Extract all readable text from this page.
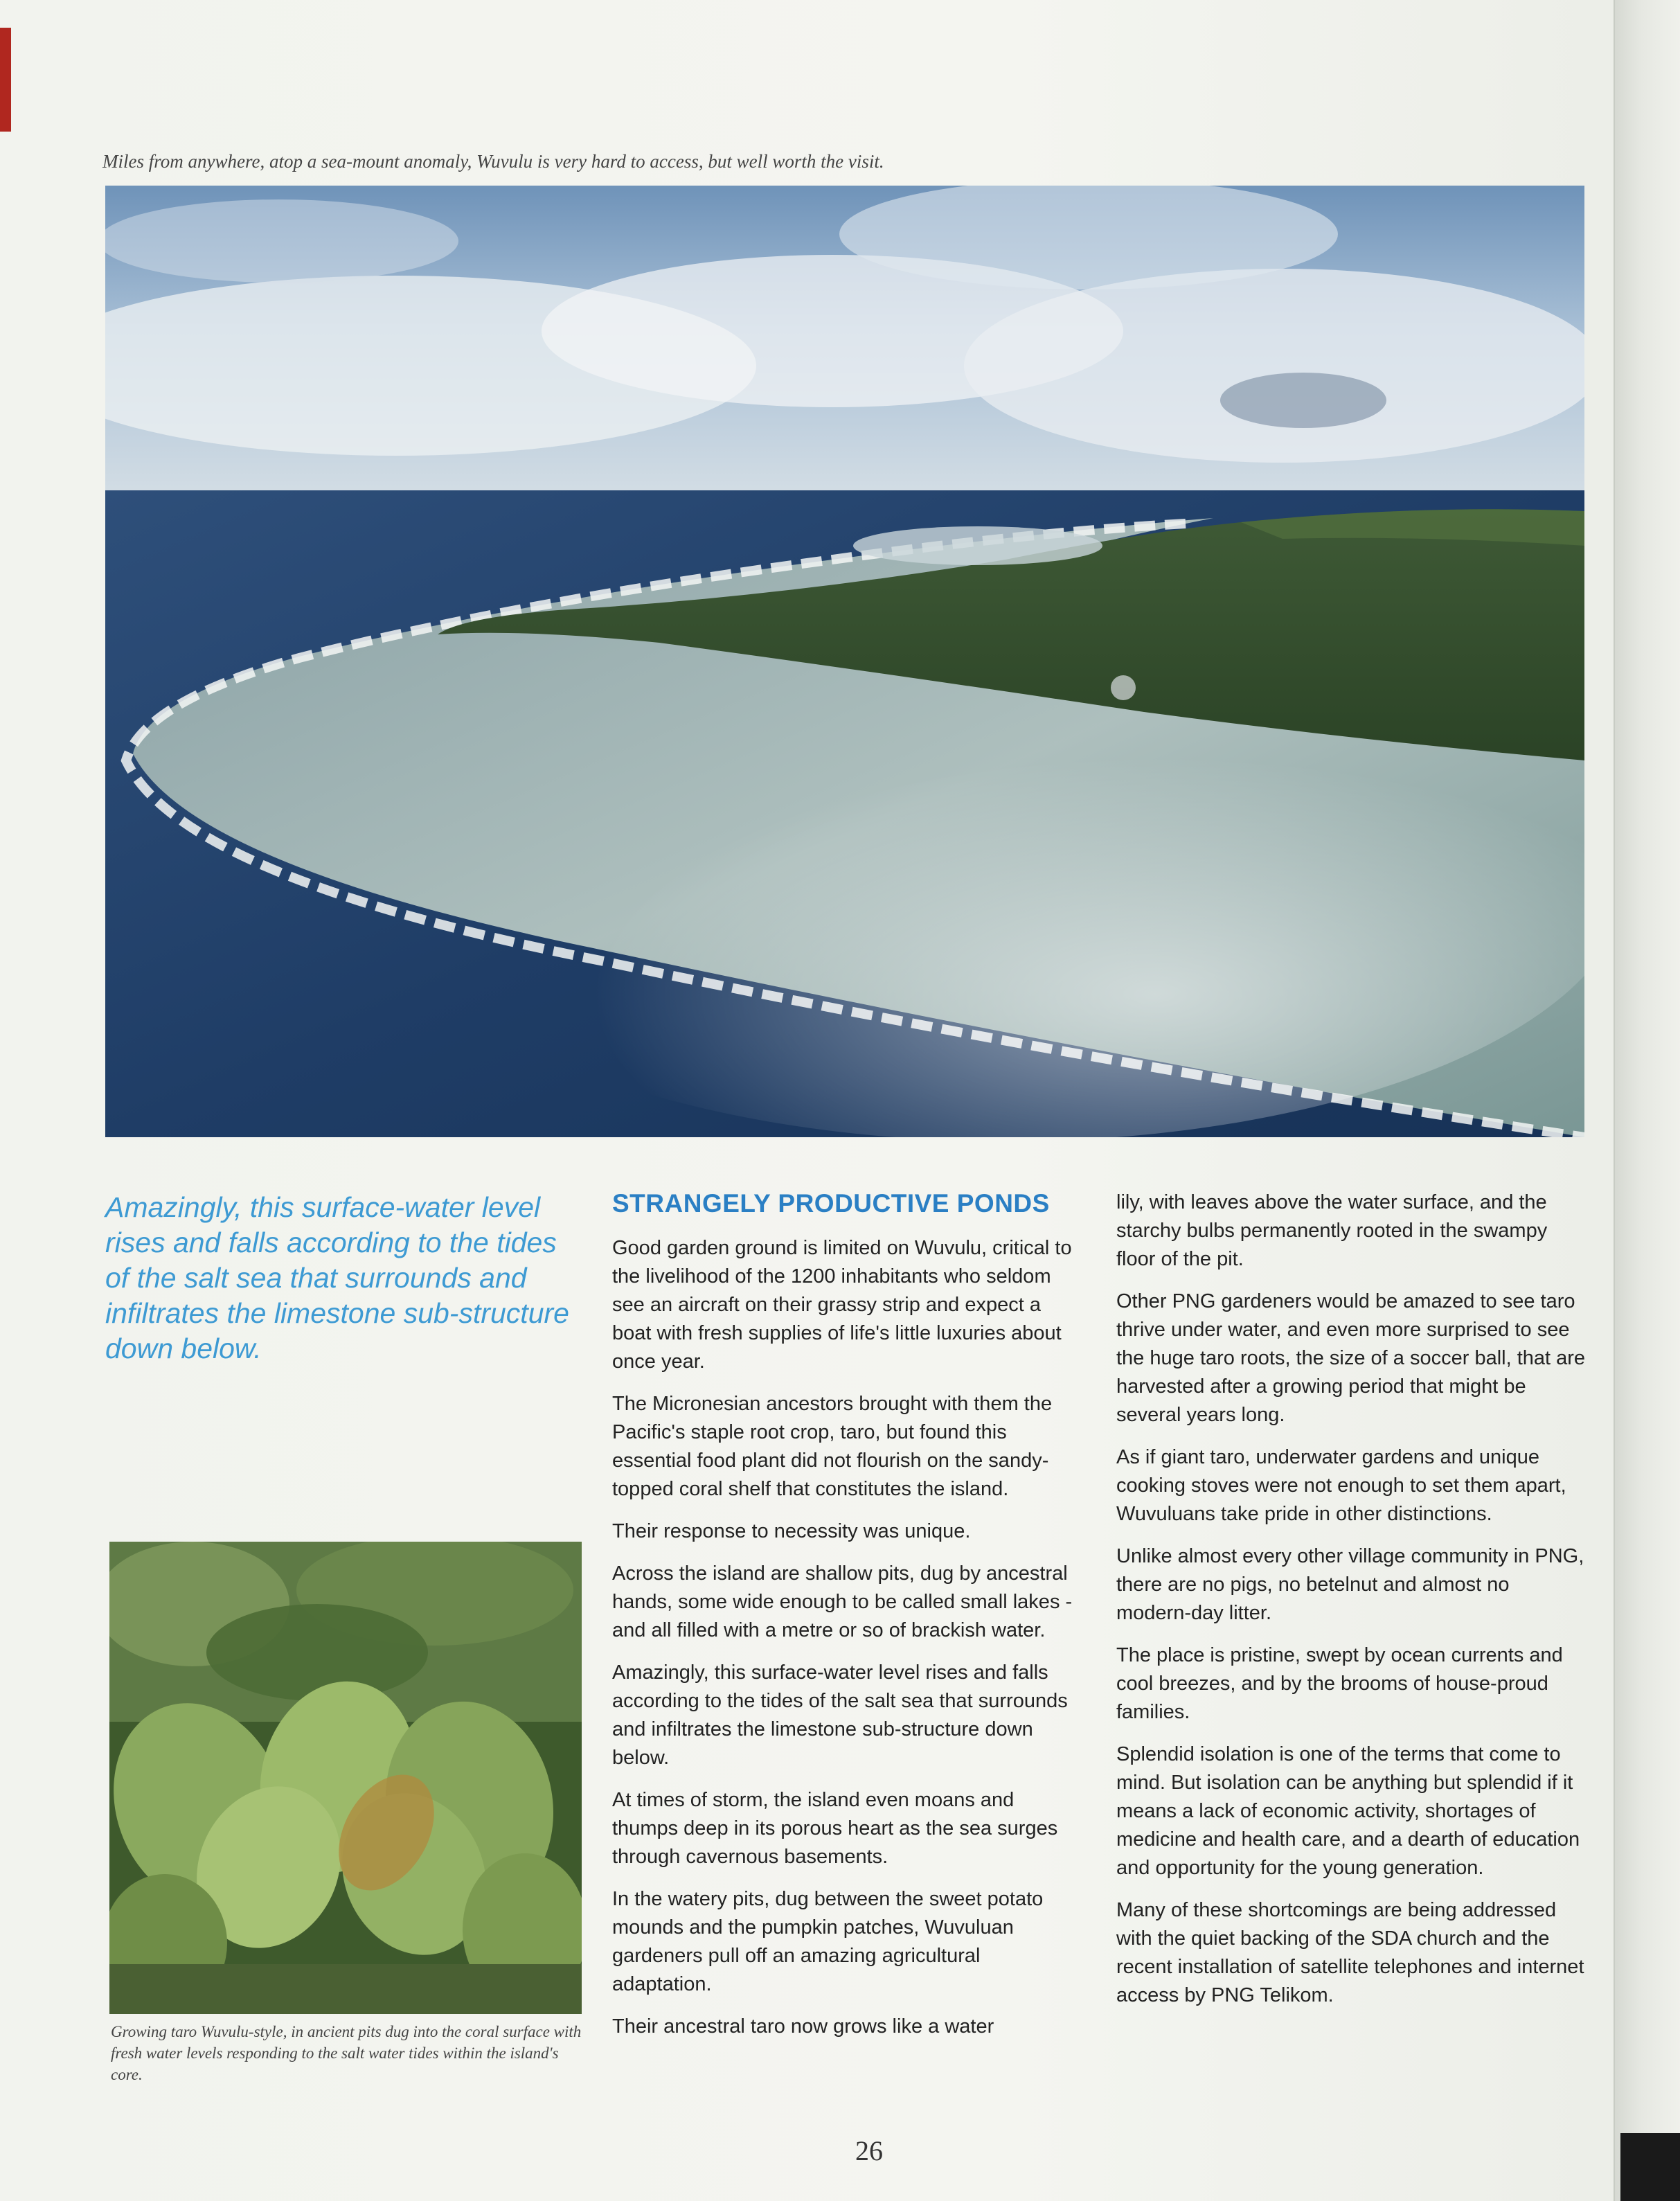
Miles from anywhere, atop a sea-mount anomaly, Wuvulu is very hard to access, but well worth the visit.
Amazingly, this surface-water level rises and falls according to the tides of the salt sea that surrounds and infiltrates the limestone sub-structure down below.
Growing taro Wuvulu-style, in ancient pits dug into the coral surface with fresh water levels responding to the salt water tides within the island's core.
STRANGELY PRODUCTIVE PONDS

Good garden ground is limited on Wuvulu, critical to the livelihood of the 1200 inhabitants who seldom see an aircraft on their grassy strip and expect a boat with fresh supplies of life's little luxuries about once year.

The Micronesian ancestors brought with them the Pacific's staple root crop, taro, but found this essential food plant did not flourish on the sandy-topped coral shelf that constitutes the island.

Their response to necessity was unique.

Across the island are shallow pits, dug by ancestral hands, some wide enough to be called small lakes - and all filled with a metre or so of brackish water.

Amazingly, this surface-water level rises and falls according to the tides of the salt sea that surrounds and infiltrates the limestone sub-structure down below.

At times of storm, the island even moans and thumps deep in its porous heart as the sea surges through cavernous basements.

In the watery pits, dug between the sweet potato mounds and the pumpkin patches, Wuvuluan gardeners pull off an amazing agricultural adaptation.

Their ancestral taro now grows like a water

lily, with leaves above the water surface, and the starchy bulbs permanently rooted in the swampy floor of the pit.

Other PNG gardeners would be amazed to see taro thrive under water, and even more surprised to see the huge taro roots, the size of a soccer ball, that are harvested after a growing period that might be several years long.

As if giant taro, underwater gardens and unique cooking stoves were not enough to set them apart, Wuvuluans take pride in other distinctions.

Unlike almost every other village community in PNG, there are no pigs, no betelnut and almost no modern-day litter.

The place is pristine, swept by ocean currents and cool breezes, and by the brooms of house-proud families.

Splendid isolation is one of the terms that come to mind. But isolation can be anything but splendid if it means a lack of economic activity, shortages of medicine and health care, and a dearth of education and opportunity for the young generation.

Many of these shortcomings are being addressed with the quiet backing of the SDA church and the recent installation of satellite telephones and internet access by PNG Telikom.

26
